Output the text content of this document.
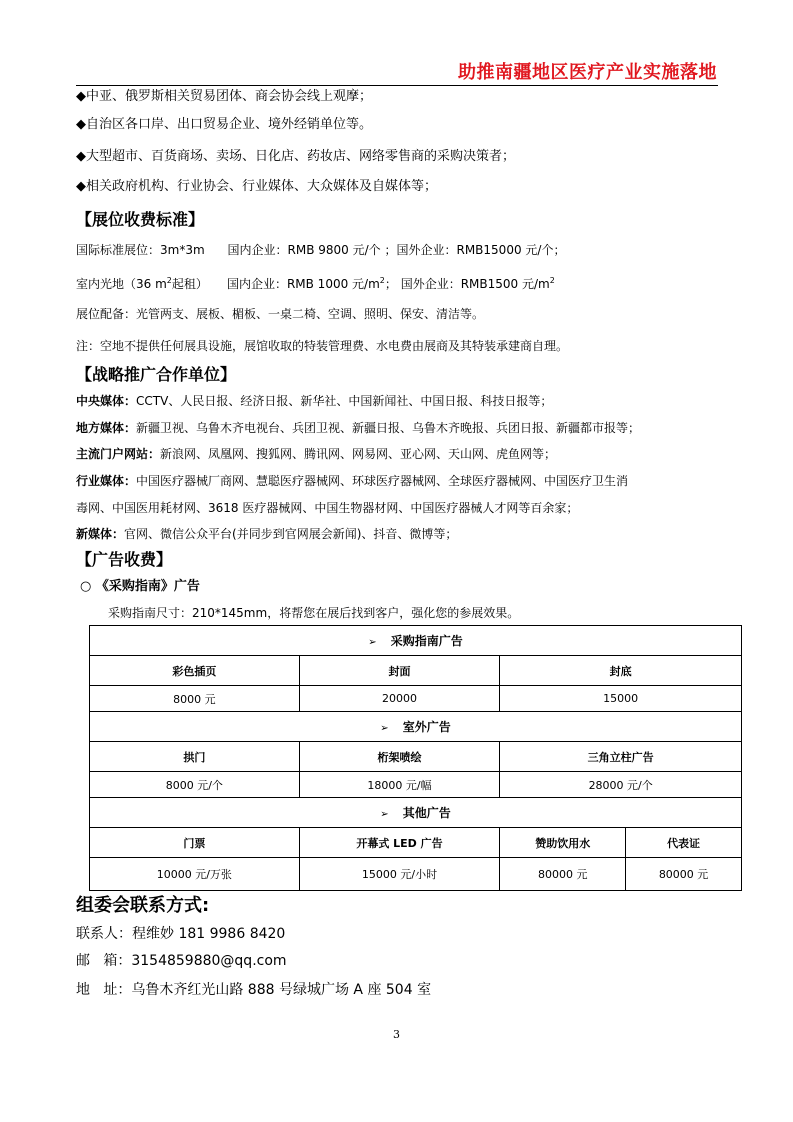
助推南疆地区医疗产业实施落地
◆中亚、俄罗斯相关贸易团体、商会协会线上观摩；
◆自治区各口岸、出口贸易企业、境外经销单位等。
◆大型超市、百货商场、卖场、日化店、药妆店、网络零售商的采购决策者；
◆相关政府机构、行业协会、行业媒体、大众媒体及自媒体等；
【展位收费标准】
国际标准展位：3m*3m      国内企业：RMB 9800 元/个 ；国外企业：RMB15000 元/个；
室内光地（36 $m^2$起租）     国内企业：RMB 1000 元$/m^2$； 国外企业：RMB1500 元$/m^2$
展位配备：光管两支、展板、楣板、一桌二椅、空调、照明、保安、清洁等。
注：空地不提供任何展具设施，展馆收取的特装管理费、水电费由展商及其特装承建商自理。
【战略推广合作单位】
中央媒体：CCTV、人民日报、经济日报、新华社、中国新闻社、中国日报、科技日报等；
地方媒体：新疆卫视、乌鲁木齐电视台、兵团卫视、新疆日报、乌鲁木齐晚报、兵团日报、新疆都市报等；
主流门户网站：新浪网、凤凰网、搜狐网、腾讯网、网易网、亚心网、天山网、虎鱼网等；
行业媒体：中国医疗器械厂商网、慧聪医疗器械网、环球医疗器械网、全球医疗器械网、中国医疗卫生消
毒网、中国医用耗材网、3618 医疗器械网、中国生物器材网、中国医疗器械人才网等百余家；
新媒体：官网、微信公众平台(并同步到官网展会新闻)、抖音、微博等；
【广告收费】
○ 《采购指南》广告
采购指南尺寸：210*145mm，将帮您在展后找到客户，强化您的参展效果。
➢ 采购指南广告			
彩色插页	封面	封底	
8000 元	20000	15000	
➢ 室外广告			
拱门	桁架喷绘	三角立柱广告	
8000 元/个	18000 元/幅	28000 元/个	
➢ 其他广告			
门票	开幕式 LED 广告	赞助饮用水	代表证
10000 元/万张	15000 元/小时	80000 元	80000 元
组委会联系方式:
联系人：程维妙 181 9986 8420
邮   箱：3154859880@qq.com
地   址：乌鲁木齐红光山路 888 号绿城广场 A 座 504 室
3
